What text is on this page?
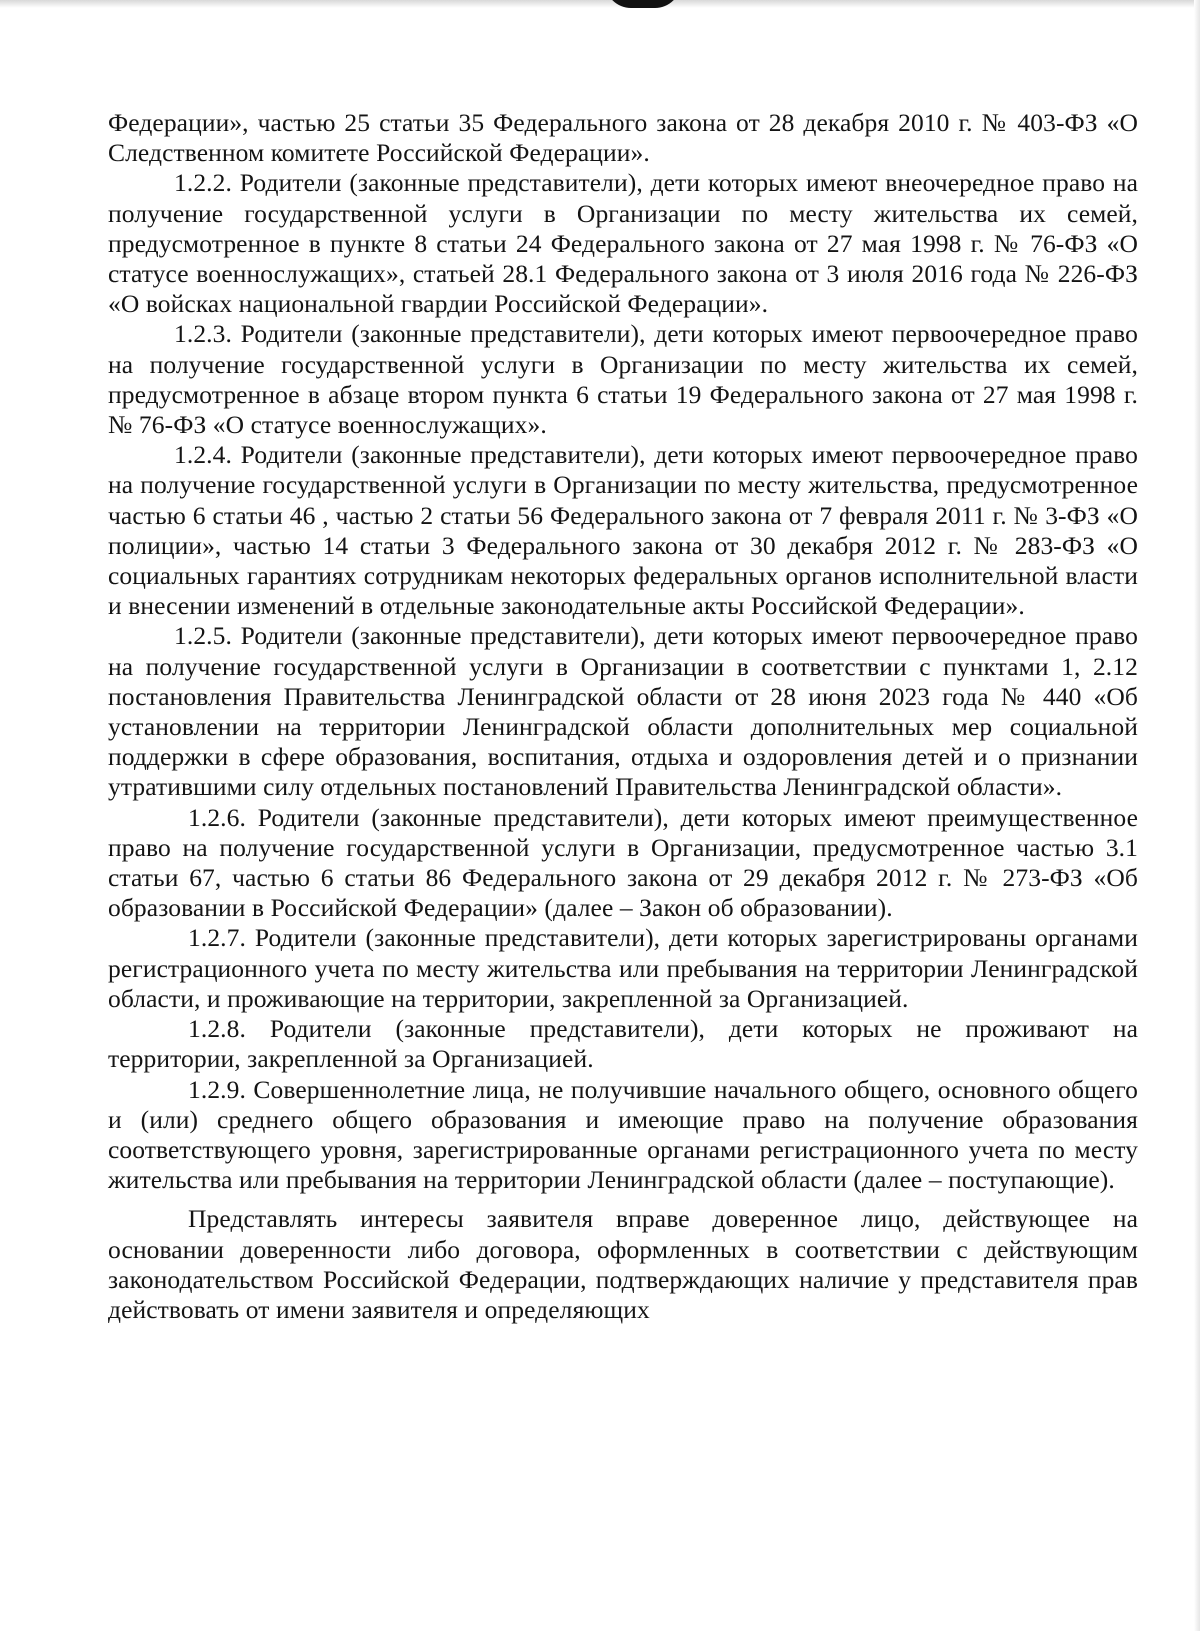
Федерации», частью 25 статьи 35 Федерального закона от 28 декабря 2010 г. № 403-ФЗ «О Следственном комитете Российской Федерации».

1.2.2. Родители (законные представители), дети которых имеют внеочередное право на получение государственной услуги в Организации по месту жительства их семей, предусмотренное в пункте 8 статьи 24 Федерального закона от 27 мая 1998 г. № 76-ФЗ «О статусе военнослужащих», статьей 28.1 Федерального закона от 3 июля 2016 года № 226-ФЗ «О войсках национальной гвардии Российской Федерации».

1.2.3. Родители (законные представители), дети которых имеют первоочередное право на получение государственной услуги в Организации по месту жительства их семей, предусмотренное в абзаце втором пункта 6 статьи 19 Федерального закона от 27 мая 1998 г. № 76-ФЗ «О статусе военнослужащих».

1.2.4. Родители (законные представители), дети которых имеют первоочередное право на получение государственной услуги в Организации по месту жительства, предусмотренное частью 6 статьи 46 , частью 2 статьи 56 Федерального закона от 7 февраля 2011 г. № 3-ФЗ «О полиции», частью 14 статьи 3 Федерального закона от 30 декабря 2012 г. № 283-ФЗ «О социальных гарантиях сотрудникам некоторых федеральных органов исполнительной власти и внесении изменений в отдельные законодательные акты Российской Федерации».

1.2.5. Родители (законные представители), дети которых имеют первоочередное право на получение государственной услуги в Организации в соответствии с пунктами 1, 2.12 постановления Правительства Ленинградской области от 28 июня 2023 года № 440 «Об установлении на территории Ленинградской области дополнительных мер социальной поддержки в сфере образования, воспитания, отдыха и оздоровления детей и о признании утратившими силу отдельных постановлений Правительства Ленинградской области».

1.2.6. Родители (законные представители), дети которых имеют преимущественное право на получение государственной услуги в Организации, предусмотренное частью 3.1 статьи 67, частью 6 статьи 86 Федерального закона от 29 декабря 2012 г. № 273-ФЗ «Об образовании в Российской Федерации» (далее – Закон об образовании).

1.2.7. Родители (законные представители), дети которых зарегистрированы органами регистрационного учета по месту жительства или пребывания на территории Ленинградской области, и проживающие на территории, закрепленной за Организацией.

1.2.8. Родители (законные представители), дети которых не проживают на территории, закрепленной за Организацией.

1.2.9. Совершеннолетние лица, не получившие начального общего, основного общего и (или) среднего общего образования и имеющие право на получение образования соответствующего уровня, зарегистрированные органами регистрационного учета по месту жительства или пребывания на территории Ленинградской области (далее – поступающие).

Представлять интересы заявителя вправе доверенное лицо, действующее на основании доверенности либо договора, оформленных в соответствии с действующим законодательством Российской Федерации, подтверждающих наличие у представителя прав действовать от имени заявителя и определяющих
